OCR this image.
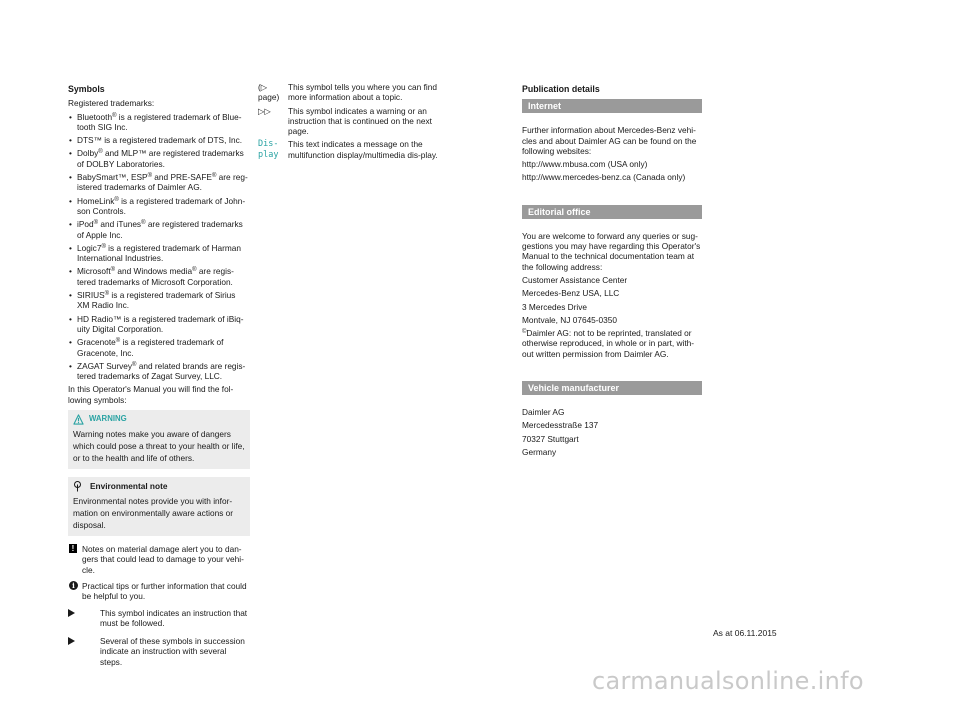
Symbols

Registered trademarks:

• Bluetooth® is a registered trademark of Blue-tooth SIG Inc.
• DTS™ is a registered trademark of DTS, Inc.
• Dolby® and MLP™ are registered trademarks of DOLBY Laboratories.
• BabySmart™, ESP® and PRE-SAFE® are reg-istered trademarks of Daimler AG.
• HomeLink® is a registered trademark of John-son Controls.
• iPod® and iTunes® are registered trademarks of Apple Inc.
• Logic7® is a registered trademark of Harman International Industries.
• Microsoft® and Windows media® are regis-tered trademarks of Microsoft Corporation.
• SIRIUS® is a registered trademark of Sirius XM Radio Inc.
• HD Radio™ is a registered trademark of iBiq-uity Digital Corporation.
• Gracenote® is a registered trademark of Gracenote, Inc.
• ZAGAT Survey® and related brands are regis-tered trademarks of Zagat Survey, LLC.

In this Operator's Manual you will find the fol-lowing symbols:

WARNING
Warning notes make you aware of dangers which could pose a threat to your health or life, or to the health and life of others.
Environmental note
Environmental notes provide you with infor-mation on environmentally aware actions or disposal.
! Notes on material damage alert you to dan-gers that could lead to damage to your vehi-cle.
i Practical tips or further information that could be helpful to you.
This symbol indicates an instruction that must be followed.
Several of these symbols in succession indicate an instruction with several steps.
(▷ page)
This symbol tells you where you can find more information about a topic.
▷▷	This symbol indicates a warning or an instruction that is continued on the next page.
Dis‐ play
This text indicates a message on the multifunction display/multimedia dis-play.
Publication details
Internet

Further information about Mercedes-Benz vehi-cles and about Daimler AG can be found on the following websites:

http://www.mbusa.com (USA only)

http://www.mercedes-benz.ca (Canada only)

Editorial office

You are welcome to forward any queries or sug-gestions you may have regarding this Operator's Manual to the technical documentation team at the following address:

Customer Assistance Center

Mercedes-Benz USA, LLC

3 Mercedes Drive

Montvale, NJ 07645-0350

©Daimler AG: not to be reprinted, translated or otherwise reproduced, in whole or in part, with-out written permission from Daimler AG.

Vehicle manufacturer

Daimler AG

Mercedesstraße 137

70327 Stuttgart

Germany

As at 06.11.2015
carmanualsonline.info
